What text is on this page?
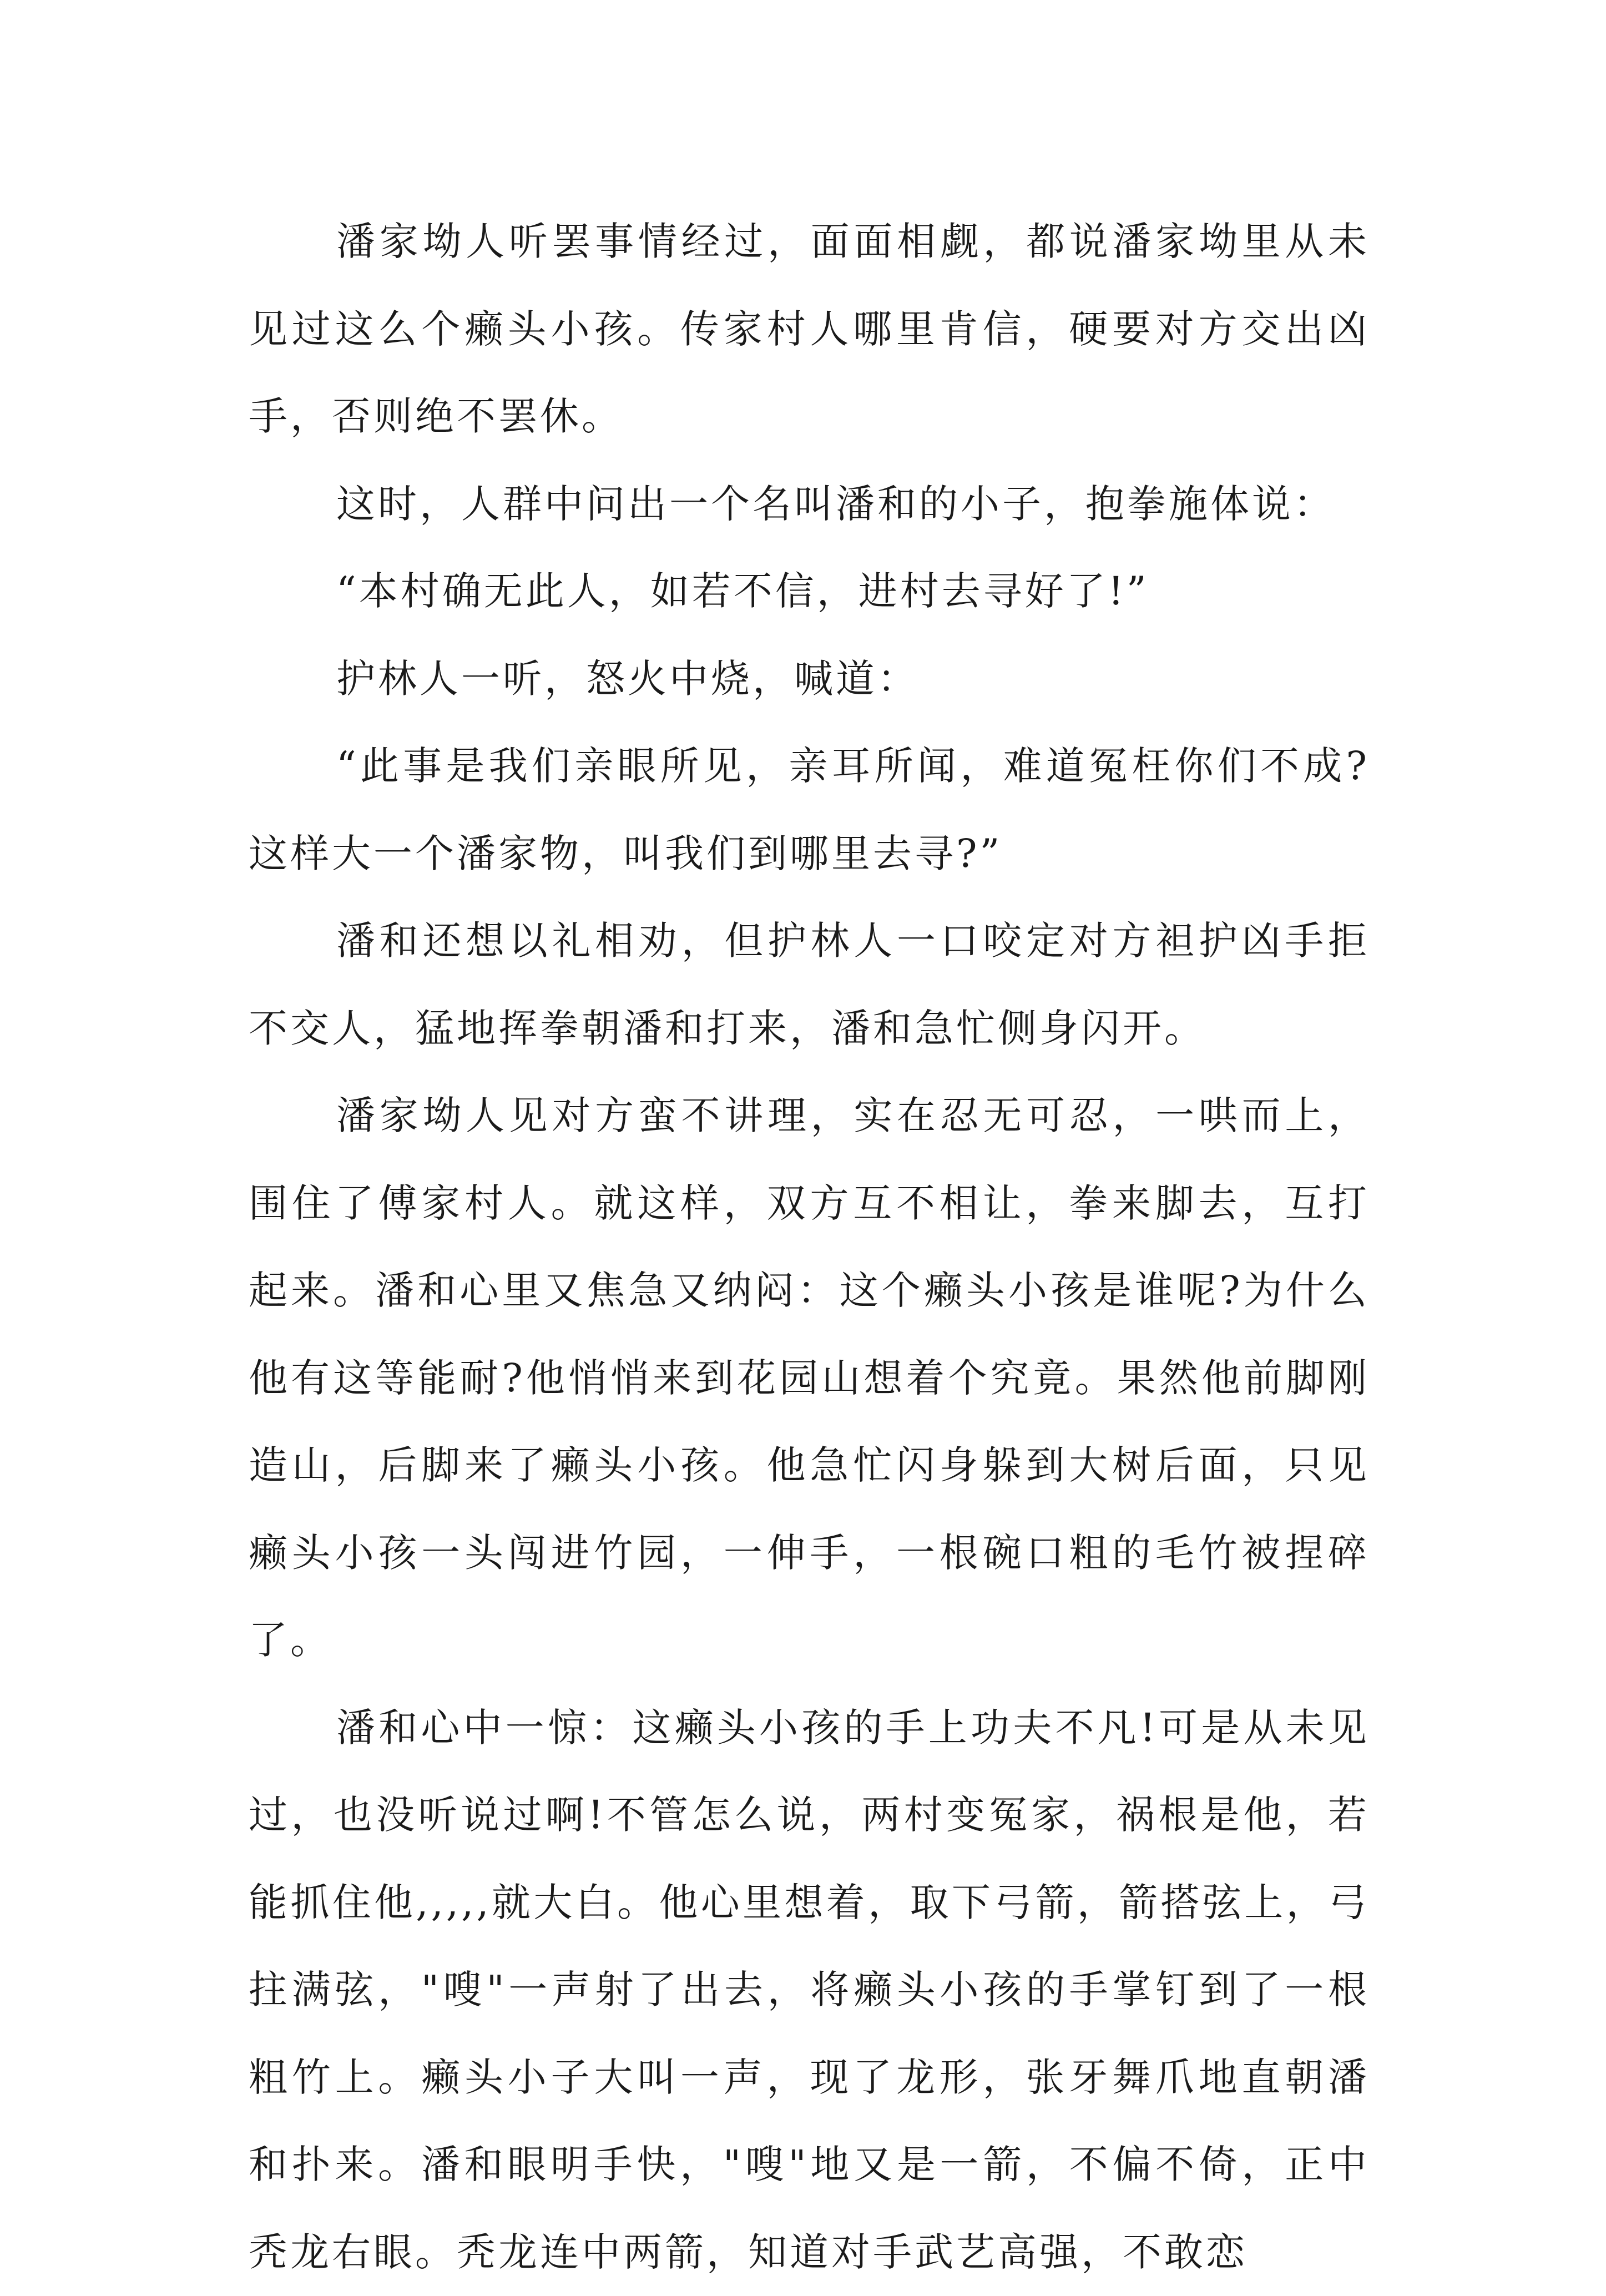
潘家坳人听罢事情经过，面面相觑，都说潘家坳里从未见过这么个癞头小孩。传家村人哪里肯信，硬要对方交出凶手，否则绝不罢休。

这时，人群中问出一个名叫潘和的小子，抱拳施体说：

“本村确无此人，如若不信，进村去寻好了!”

护林人一听，怒火中烧，喊道：

“此事是我们亲眼所见，亲耳所闻，难道冤枉你们不成?这样大一个潘家物，叫我们到哪里去寻?”

潘和还想以礼相劝，但护林人一口咬定对方袒护凶手拒不交人，猛地挥拳朝潘和打来，潘和急忙侧身闪开。

潘家坳人见对方蛮不讲理，实在忍无可忍，一哄而上，围住了傅家村人。就这样，双方互不相让，拳来脚去，互打起来。潘和心里又焦急又纳闷：这个癞头小孩是谁呢?为什么他有这等能耐?他悄悄来到花园山想着个究竟。果然他前脚刚造山，后脚来了癞头小孩。他急忙闪身躲到大树后面，只见癞头小孩一头闯进竹园，一伸手，一根碗口粗的毛竹被捏碎了。

潘和心中一惊：这癞头小孩的手上功夫不凡!可是从未见过，也没听说过啊!不管怎么说，两村变冤家，祸根是他，若能抓住他,,,,,就大白。他心里想着，取下弓箭，箭搭弦上，弓拄满弦，"嗖"一声射了出去，将癞头小孩的手掌钉到了一根粗竹上。癞头小子大叫一声，现了龙形，张牙舞爪地直朝潘和扑来。潘和眼明手快，"嗖"地又是一箭，不偏不倚，正中秃龙右眼。秃龙连中两箭，知道对手武艺高强，不敢恋
